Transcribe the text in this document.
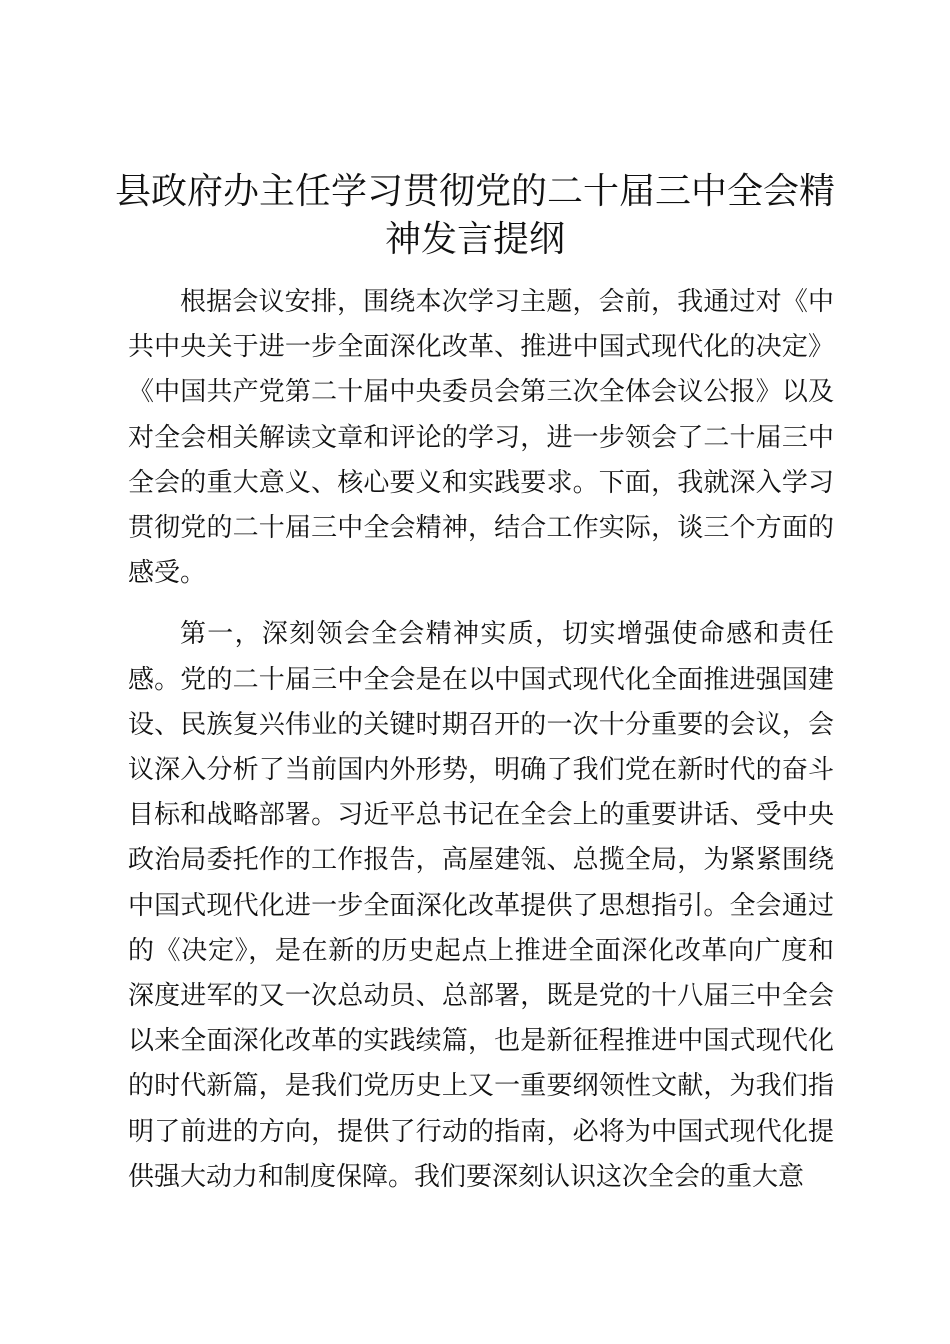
县政府办主任学习贯彻党的二十届三中全会精神发言提纲

根据会议安排，围绕本次学习主题，会前，我通过对《中共中央关于进一步全面深化改革、推进中国式现代化的决定》《中国共产党第二十届中央委员会第三次全体会议公报》以及对全会相关解读文章和评论的学习，进一步领会了二十届三中全会的重大意义、核心要义和实践要求。下面，我就深入学习贯彻党的二十届三中全会精神，结合工作实际，谈三个方面的感受。

第一，深刻领会全会精神实质，切实增强使命感和责任感。党的二十届三中全会是在以中国式现代化全面推进强国建设、民族复兴伟业的关键时期召开的一次十分重要的会议，会议深入分析了当前国内外形势，明确了我们党在新时代的奋斗目标和战略部署。习近平总书记在全会上的重要讲话、受中央政治局委托作的工作报告，高屋建瓴、总揽全局，为紧紧围绕中国式现代化进一步全面深化改革提供了思想指引。全会通过的《决定》，是在新的历史起点上推进全面深化改革向广度和深度进军的又一次总动员、总部署，既是党的十八届三中全会以来全面深化改革的实践续篇，也是新征程推进中国式现代化的时代新篇，是我们党历史上又一重要纲领性文献，为我们指明了前进的方向，提供了行动的指南，必将为中国式现代化提供强大动力和制度保障。我们要深刻认识这次全会的重大意
